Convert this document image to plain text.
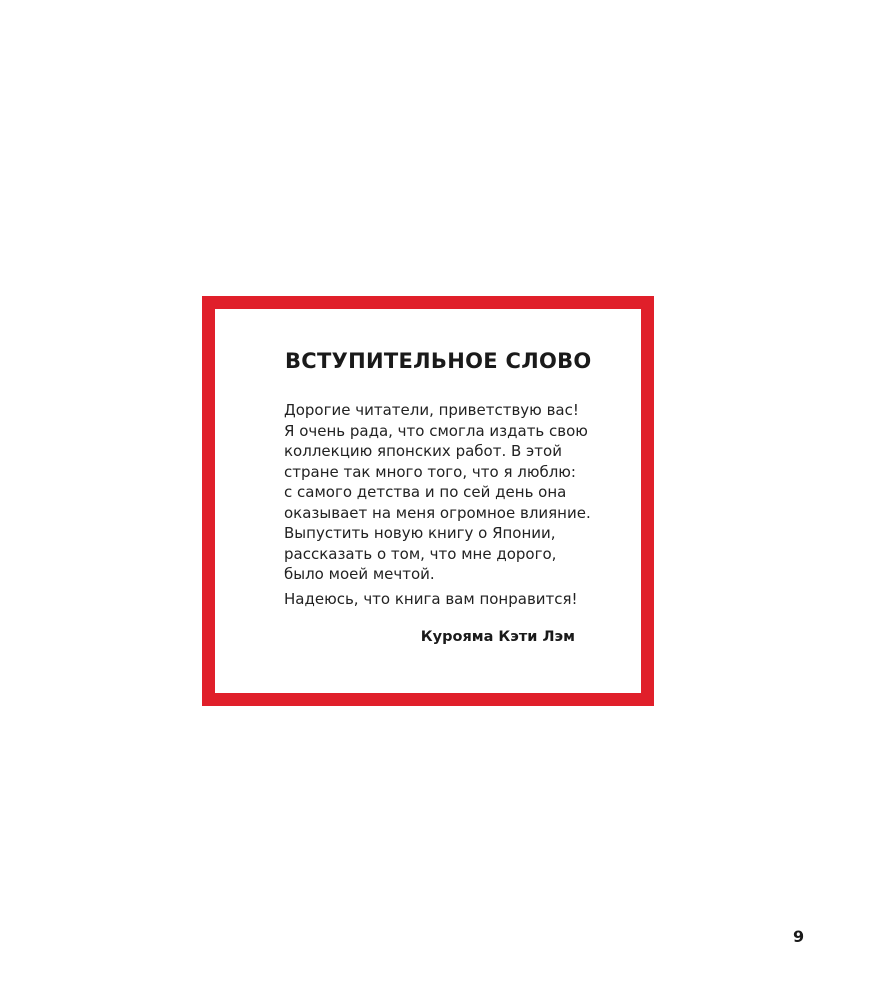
ВСТУПИТЕЛЬНОЕ СЛОВО
Дорогие читатели, приветствую вас!
Я очень рада, что смогла издать свою
коллекцию японских работ. В этой
стране так много того, что я люблю:
с самого детства и по сей день она
оказывает на меня огромное влияние.
Выпустить новую книгу о Японии,
рассказать о том, что мне дорого,
было моей мечтой.
Надеюсь, что книга вам понравится!
Куроямa Кэти Лэм
9
